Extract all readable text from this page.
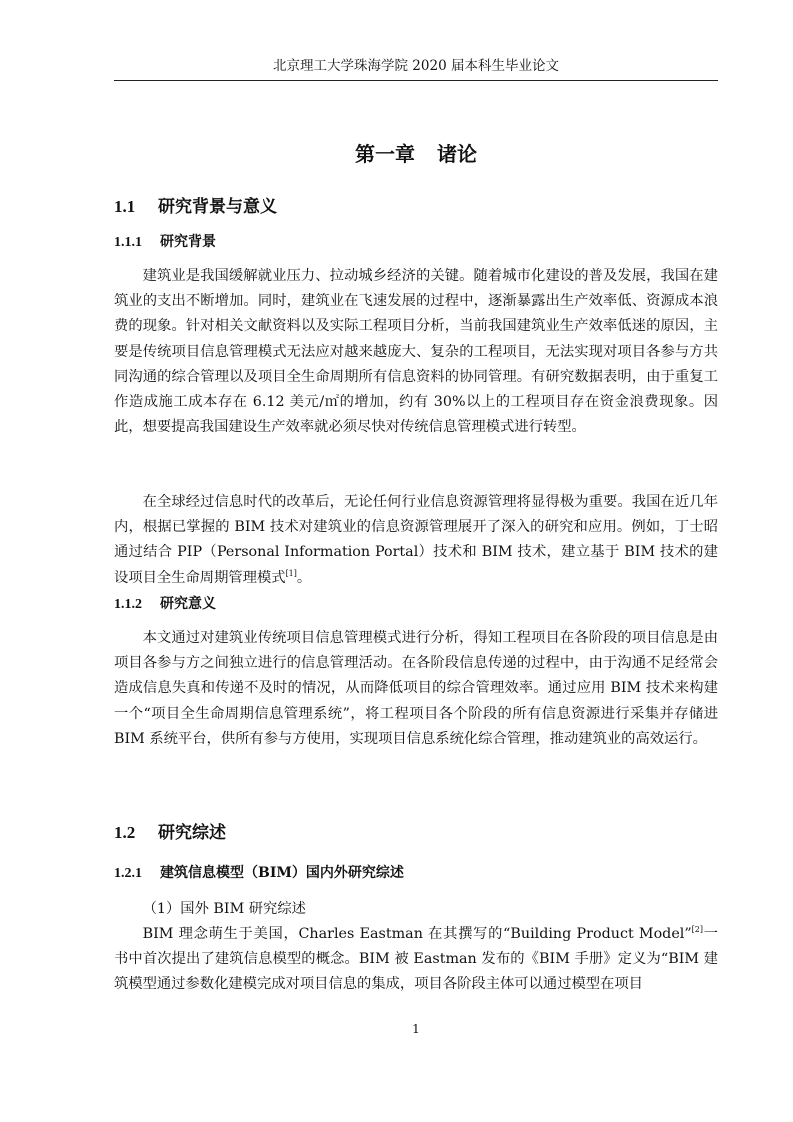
北京理工大学珠海学院 2020 届本科生毕业论文
第一章 诸论
1.1 研究背景与意义
1.1.1 研究背景

建筑业是我国缓解就业压力、拉动城乡经济的关键。随着城市化建设的普及发展，我国在建筑业的支出不断增加。同时，建筑业在飞速发展的过程中，逐渐暴露出生产效率低、资源成本浪费的现象。针对相关文献资料以及实际工程项目分析，当前我国建筑业生产效率低迷的原因，主要是传统项目信息管理模式无法应对越来越庞大、复杂的工程项目，无法实现对项目各参与方共同沟通的综合管理以及项目全生命周期所有信息资料的协同管理。有研究数据表明，由于重复工作造成施工成本存在 6.12 美元/㎡的增加，约有 30%以上的工程项目存在资金浪费现象。因此，想要提高我国建设生产效率就必须尽快对传统信息管理模式进行转型。

在全球经过信息时代的改革后，无论任何行业信息资源管理将显得极为重要。我国在近几年内，根据已掌握的 BIM 技术对建筑业的信息资源管理展开了深入的研究和应用。例如，丁士昭通过结合 PIP（Personal Information Portal）技术和 BIM 技术，建立基于 BIM 技术的建设项目全生命周期管理模式[1]。

1.1.2 研究意义

本文通过对建筑业传统项目信息管理模式进行分析，得知工程项目在各阶段的项目信息是由项目各参与方之间独立进行的信息管理活动。在各阶段信息传递的过程中，由于沟通不足经常会造成信息失真和传递不及时的情况，从而降低项目的综合管理效率。通过应用 BIM 技术来构建一个“项目全生命周期信息管理系统”，将工程项目各个阶段的所有信息资源进行采集并存储进 BIM 系统平台，供所有参与方使用，实现项目信息系统化综合管理，推动建筑业的高效运行。

1.2 研究综述
1.2.1 建筑信息模型（BIM）国内外研究综述

（1）国外 BIM 研究综述

BIM 理念萌生于美国，Charles Eastman 在其撰写的“Building Product Model”[2]一书中首次提出了建筑信息模型的概念。BIM 被 Eastman 发布的《BIM 手册》定义为“BIM 建筑模型通过参数化建模完成对项目信息的集成，项目各阶段主体可以通过模型在项目

1
